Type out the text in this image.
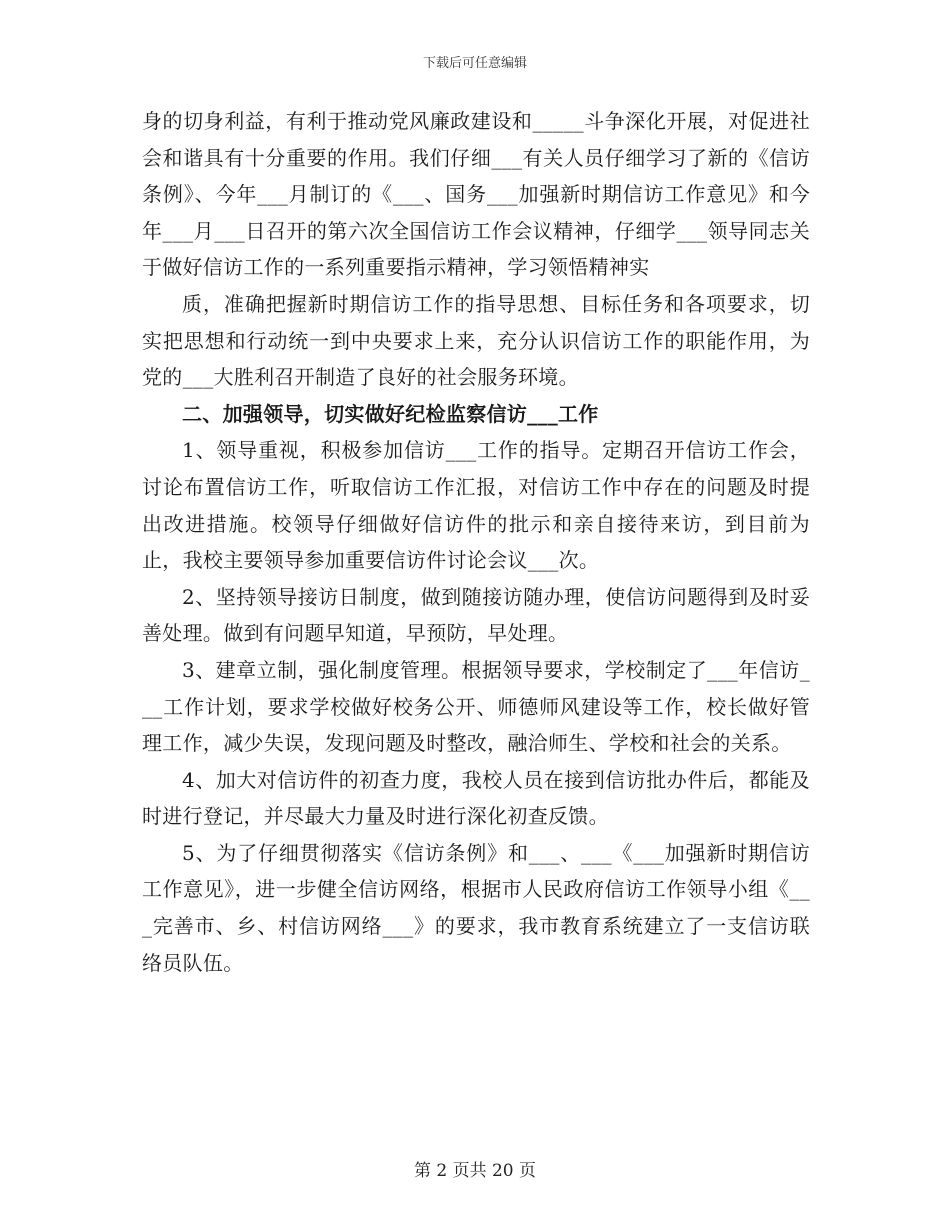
下载后可任意编辑

身的切身利益，有利于推动党风廉政建设和_____斗争深化开展，对促进社会和谐具有十分重要的作用。我们仔细___有关人员仔细学习了新的《信访条例》、今年___月制订的《___、国务___加强新时期信访工作意见》和今年___月___日召开的第六次全国信访工作会议精神，仔细学___领导同志关于做好信访工作的一系列重要指示精神，学习领悟精神实

质，准确把握新时期信访工作的指导思想、目标任务和各项要求，切实把思想和行动统一到中央要求上来，充分认识信访工作的职能作用，为党的___大胜利召开制造了良好的社会服务环境。

二、加强领导，切实做好纪检监察信访___工作

1、领导重视，积极参加信访___工作的指导。定期召开信访工作会，讨论布置信访工作，听取信访工作汇报，对信访工作中存在的问题及时提出改进措施。校领导仔细做好信访件的批示和亲自接待来访，到目前为止，我校主要领导参加重要信访件讨论会议___次。

2、坚持领导接访日制度，做到随接访随办理，使信访问题得到及时妥善处理。做到有问题早知道，早预防，早处理。

3、建章立制，强化制度管理。根据领导要求，学校制定了___年信访___工作计划，要求学校做好校务公开、师德师风建设等工作，校长做好管理工作，减少失误，发现问题及时整改，融洽师生、学校和社会的关系。

4、加大对信访件的初查力度，我校人员在接到信访批办件后，都能及时进行登记，并尽最大力量及时进行深化初查反馈。

5、为了仔细贯彻落实《信访条例》和___、___《___加强新时期信访工作意见》，进一步健全信访网络，根据市人民政府信访工作领导小组《___完善市、乡、村信访网络___》的要求，我市教育系统建立了一支信访联络员队伍。

第 2 页共 20 页
